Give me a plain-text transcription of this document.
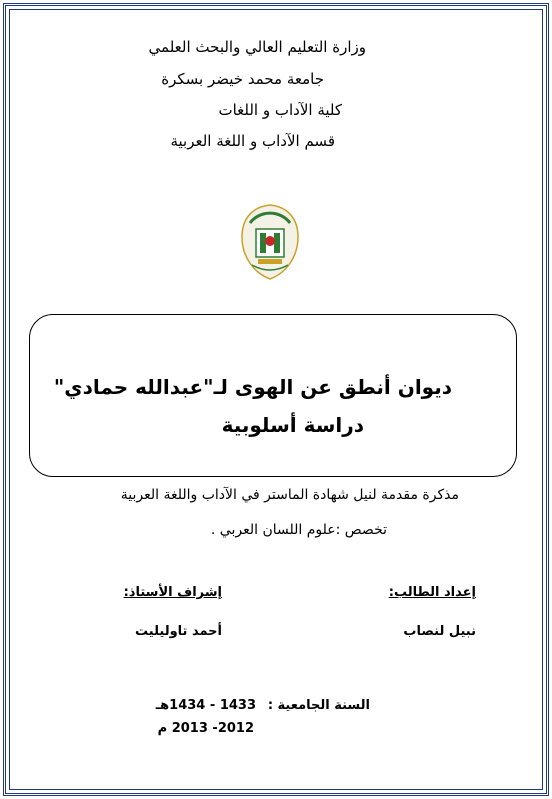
وزارة التعليم العالي والبحث العلمي
جامعة محمد خيضر بسكرة
كلية الآداب و اللغات
قسم الآداب و اللغة العربية
ديوان أنطق عن الهوى لـ"عبدالله حمادي"
دراسة أسلوبية
مذكرة مقدمة لنيل شهادة الماستر في الآداب واللغة العربية
تخصص :علوم اللسان العربي .
إعداد الطالب:
إشراف الأستاذ:
نبيل لنصاب
أحمد تاوليليت
السنة الجامعية :
1433 - 1434هـ
2012- 2013 م
